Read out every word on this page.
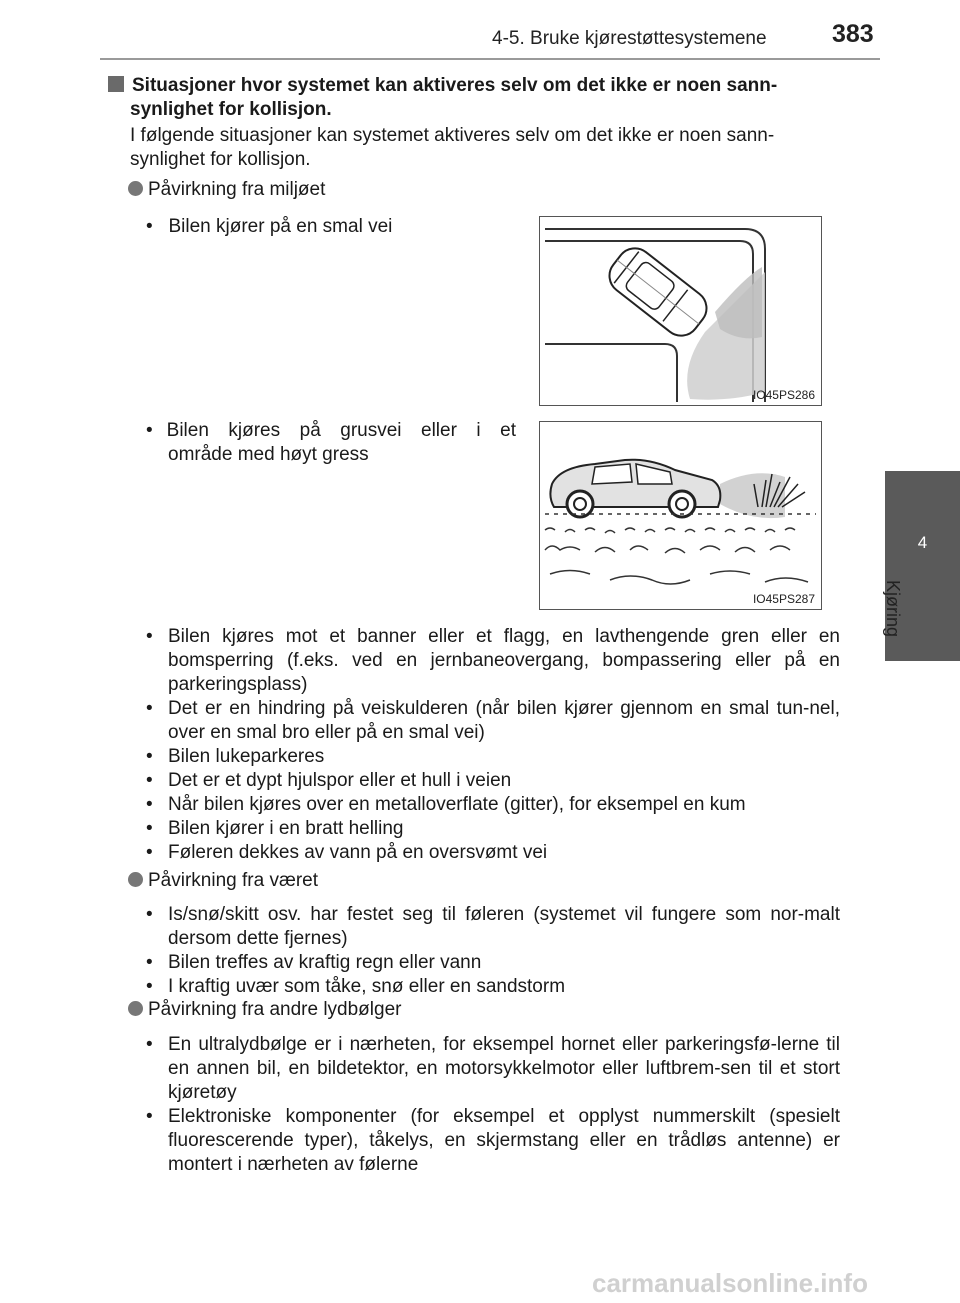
4-5. Bruke kjørestøttesystemene	383
4
Kjøring
Situasjoner hvor systemet kan aktiveres selv om det ikke er noen sann-
synlighet for kollisjon.
I følgende situasjoner kan systemet aktiveres selv om det ikke er noen sann-
synlighet for kollisjon.
Påvirkning fra miljøet
•   Bilen kjører på en smal vei
• Bilen kjøres på grusvei eller i et
område med høyt gress
IO45PS286
IO45PS287
• Bilen kjøres mot et banner eller et flagg, en lavthengende gren eller en bomsperring (f.eks. ved en jernbaneovergang, bompassering eller på en parkeringsplass)
• Det er en hindring på veiskulderen (når bilen kjører gjennom en smal tun-nel, over en smal bro eller på en smal vei)
• Bilen lukeparkeres
• Det er et dypt hjulspor eller et hull i veien
• Når bilen kjøres over en metalloverflate (gitter), for eksempel en kum
• Bilen kjører i en bratt helling
• Føleren dekkes av vann på en oversvømt vei
Påvirkning fra været
• Is/snø/skitt osv. har festet seg til føleren (systemet vil fungere som nor-malt dersom dette fjernes)
• Bilen treffes av kraftig regn eller vann
• I kraftig uvær som tåke, snø eller en sandstorm
Påvirkning fra andre lydbølger
• En ultralydbølge er i nærheten, for eksempel hornet eller parkeringsfø-lerne til en annen bil, en bildetektor, en motorsykkelmotor eller luftbrem-sen til et stort kjøretøy
• Elektroniske komponenter (for eksempel et opplyst nummerskilt (spesielt fluorescerende typer), tåkelys, en skjermstang eller en trådløs antenne) er montert i nærheten av følerne
carmanualsonline.info
